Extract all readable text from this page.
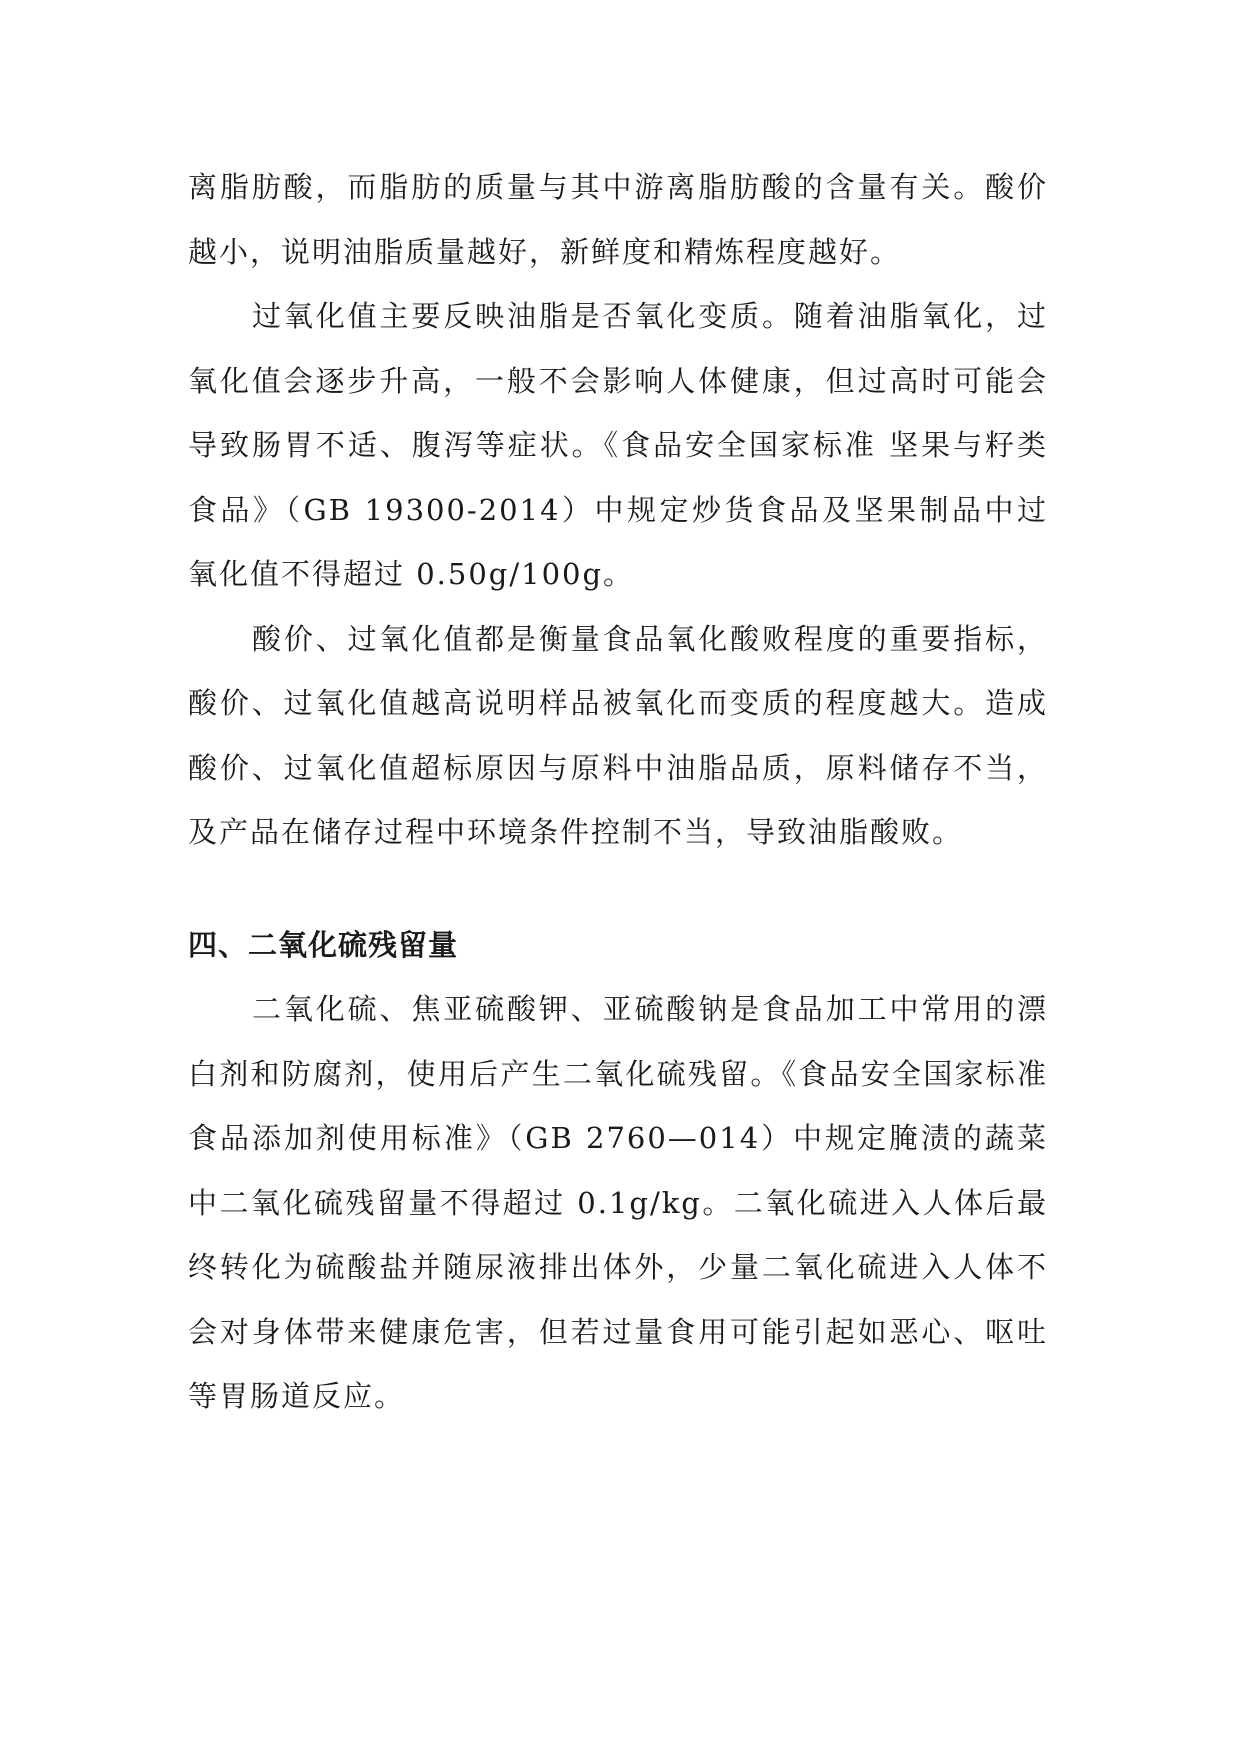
离脂肪酸，而脂肪的质量与其中游离脂肪酸的含量有关。酸价越小，说明油脂质量越好，新鲜度和精炼程度越好。

过氧化值主要反映油脂是否氧化变质。随着油脂氧化，过氧化值会逐步升高，一般不会影响人体健康，但过高时可能会导致肠胃不适、腹泻等症状。《食品安全国家标准 坚果与籽类食品》（GB 19300-2014）中规定炒货食品及坚果制品中过氧化值不得超过 0.50g/100g。

酸价、过氧化值都是衡量食品氧化酸败程度的重要指标，酸价、过氧化值越高说明样品被氧化而变质的程度越大。造成酸价、过氧化值超标原因与原料中油脂品质，原料储存不当，及产品在储存过程中环境条件控制不当，导致油脂酸败。

四、二氧化硫残留量

二氧化硫、焦亚硫酸钾、亚硫酸钠是食品加工中常用的漂白剂和防腐剂，使用后产生二氧化硫残留。《食品安全国家标准食品添加剂使用标准》（GB 2760—014）中规定腌渍的蔬菜中二氧化硫残留量不得超过 0.1g/kg。二氧化硫进入人体后最终转化为硫酸盐并随尿液排出体外，少量二氧化硫进入人体不会对身体带来健康危害，但若过量食用可能引起如恶心、呕吐等胃肠道反应。
